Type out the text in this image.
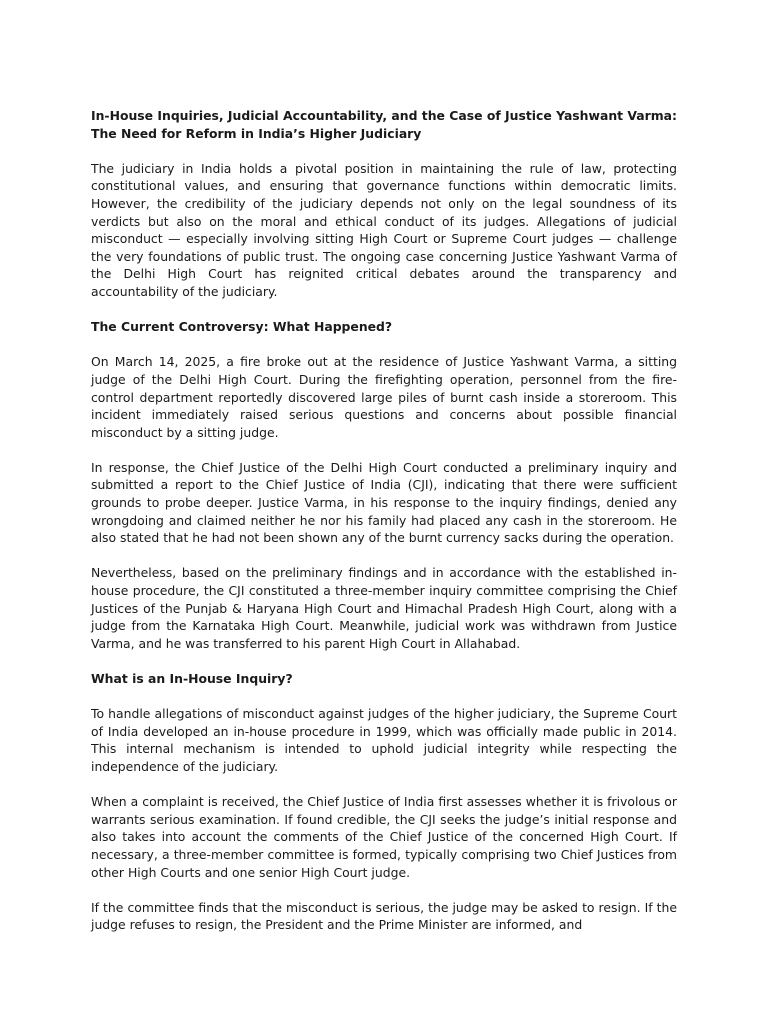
In-House Inquiries, Judicial Accountability, and the Case of Justice Yashwant Varma: The Need for Reform in India’s Higher Judiciary

The judiciary in India holds a pivotal position in maintaining the rule of law, protecting constitutional values, and ensuring that governance functions within democratic limits. However, the credibility of the judiciary depends not only on the legal soundness of its verdicts but also on the moral and ethical conduct of its judges. Allegations of judicial misconduct — especially involving sitting High Court or Supreme Court judges — challenge the very foundations of public trust. The ongoing case concerning Justice Yashwant Varma of the Delhi High Court has reignited critical debates around the transparency and accountability of the judiciary.

The Current Controversy: What Happened?

On March 14, 2025, a fire broke out at the residence of Justice Yashwant Varma, a sitting judge of the Delhi High Court. During the firefighting operation, personnel from the fire-control department reportedly discovered large piles of burnt cash inside a storeroom. This incident immediately raised serious questions and concerns about possible financial misconduct by a sitting judge.

In response, the Chief Justice of the Delhi High Court conducted a preliminary inquiry and submitted a report to the Chief Justice of India (CJI), indicating that there were sufficient grounds to probe deeper. Justice Varma, in his response to the inquiry findings, denied any wrongdoing and claimed neither he nor his family had placed any cash in the storeroom. He also stated that he had not been shown any of the burnt currency sacks during the operation.

Nevertheless, based on the preliminary findings and in accordance with the established in-house procedure, the CJI constituted a three-member inquiry committee comprising the Chief Justices of the Punjab & Haryana High Court and Himachal Pradesh High Court, along with a judge from the Karnataka High Court. Meanwhile, judicial work was withdrawn from Justice Varma, and he was transferred to his parent High Court in Allahabad.

What is an In-House Inquiry?

To handle allegations of misconduct against judges of the higher judiciary, the Supreme Court of India developed an in-house procedure in 1999, which was officially made public in 2014. This internal mechanism is intended to uphold judicial integrity while respecting the independence of the judiciary.

When a complaint is received, the Chief Justice of India first assesses whether it is frivolous or warrants serious examination. If found credible, the CJI seeks the judge’s initial response and also takes into account the comments of the Chief Justice of the concerned High Court. If necessary, a three-member committee is formed, typically comprising two Chief Justices from other High Courts and one senior High Court judge.

If the committee finds that the misconduct is serious, the judge may be asked to resign. If the judge refuses to resign, the President and the Prime Minister are informed, and
